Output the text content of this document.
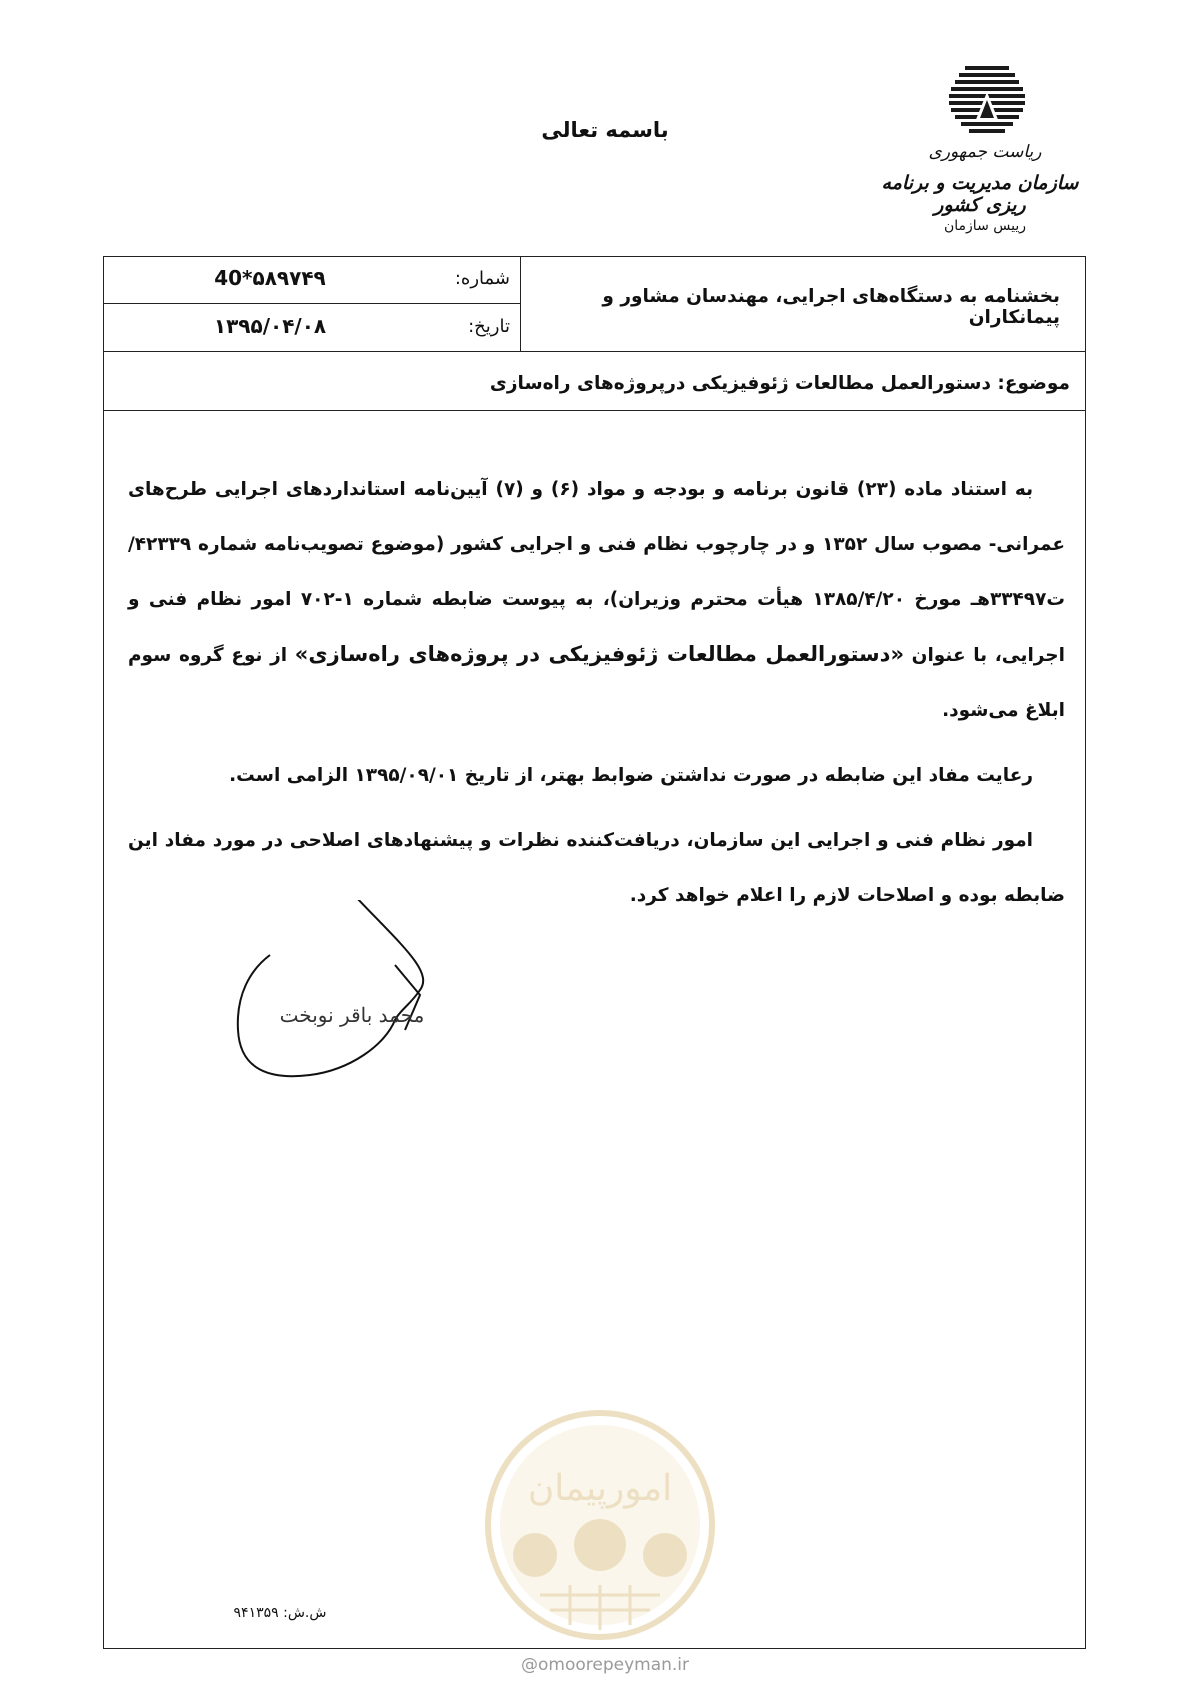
باسمه تعالی
ریاست جمهوری
سازمان مدیریت و برنامه ریزی کشور
رییس سازمان
شماره:
40*۵۸۹۷۴۹
تاریخ:
۱۳۹۵/۰۴/۰۸
بخشنامه به دستگاه‌های اجرایی، مهندسان مشاور و پیمانکاران
موضوع: دستورالعمل مطالعات ژئوفیزیکی درپروژه‌های راه‌سازی

به استناد ماده (۲۳) قانون برنامه و بودجه و مواد (۶) و (۷) آیین‌نامه استانداردهای اجرایی طرح‌های عمرانی- مصوب سال ۱۳۵۲ و در چارچوب نظام فنی و اجرایی کشور (موضوع تصویب‌نامه شماره ۴۲۳۳۹/ت۳۳۴۹۷هـ مورخ ۱۳۸۵/۴/۲۰ هیأت محترم وزیران)، به پیوست ضابطه شماره ۱-۷۰۲ امور نظام فنی و اجرایی، با عنوان «دستورالعمل مطالعات ژئوفیزیکی در پروژه‌های راه‌سازی» از نوع گروه سوم ابلاغ می‌شود.

رعایت مفاد این ضابطه در صورت نداشتن ضوابط بهتر، از تاریخ ۱۳۹۵/۰۹/۰۱ الزامی است.

امور نظام فنی و اجرایی این سازمان، دریافت‌کننده نظرات و پیشنهادهای اصلاحی در مورد مفاد این ضابطه بوده و اصلاحات لازم را اعلام خواهد کرد.

محمد باقر نوبخت
امورپیمان
ش.ش: ۹۴۱۳۵۹
@omoorepeyman.ir
